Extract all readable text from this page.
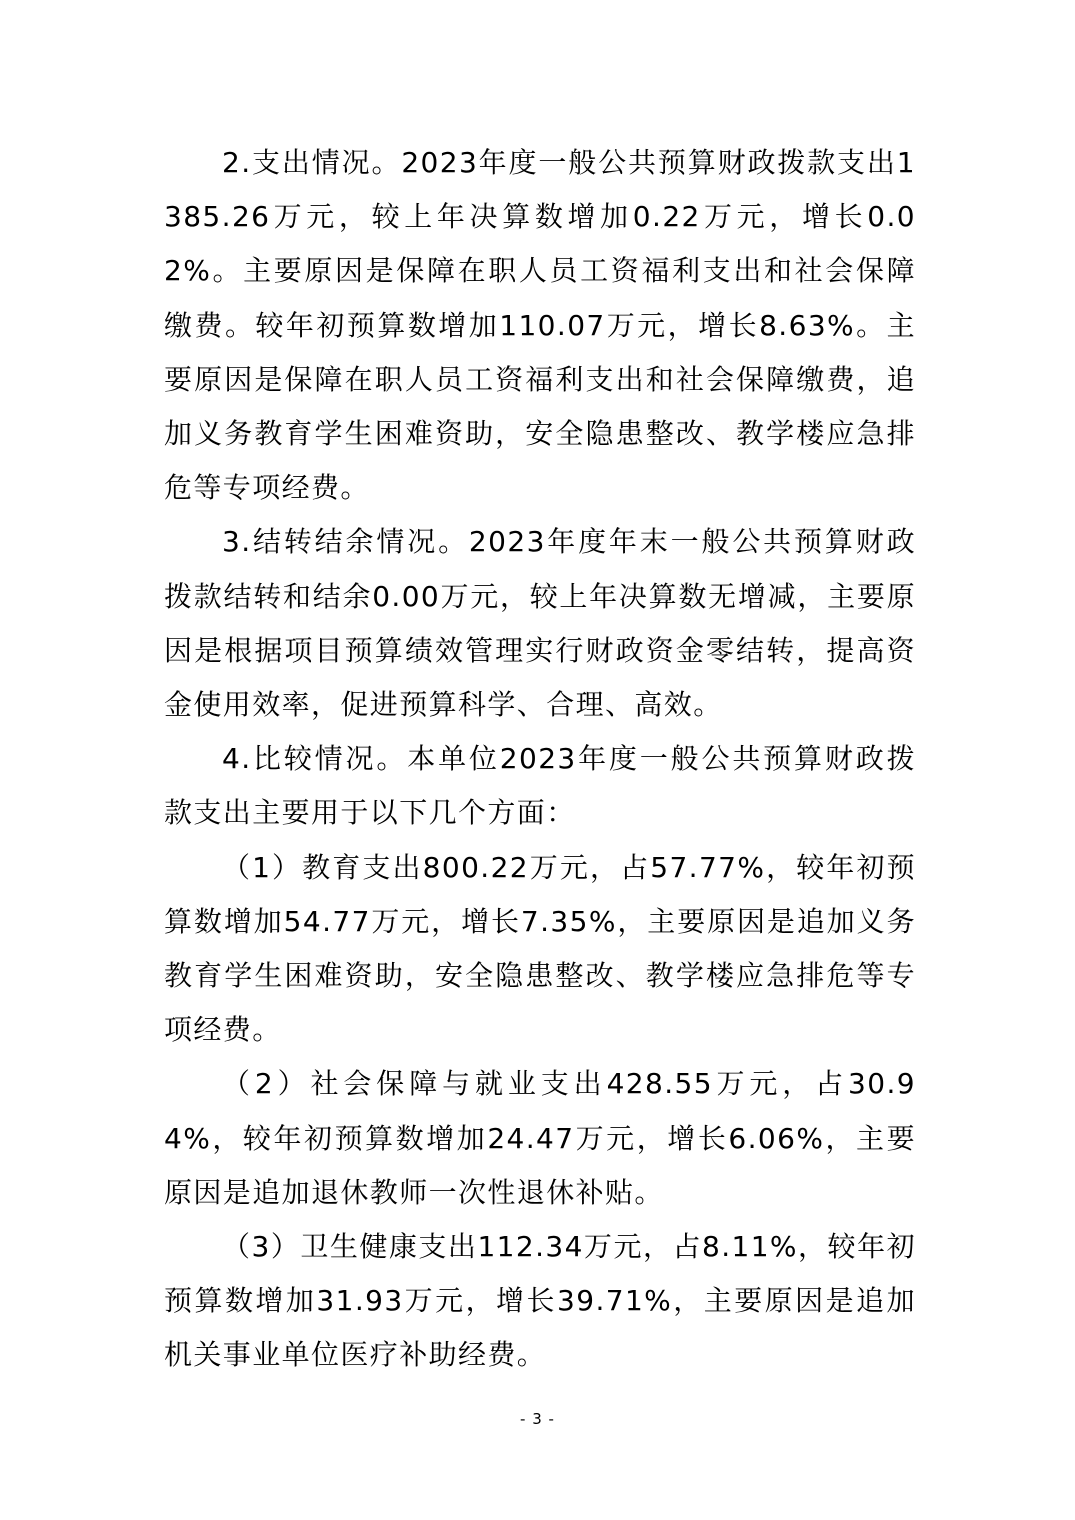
2.支出情况。2023年度一般公共预算财政拨款支出1385.26万元，较上年决算数增加0.22万元，增长0.02%。主要原因是保障在职人员工资福利支出和社会保障缴费。较年初预算数增加110.07万元，增长8.63%。主要原因是保障在职人员工资福利支出和社会保障缴费，追加义务教育学生困难资助，安全隐患整改、教学楼应急排危等专项经费。

3.结转结余情况。2023年度年末一般公共预算财政拨款结转和结余0.00万元，较上年决算数无增减，主要原因是根据项目预算绩效管理实行财政资金零结转，提高资金使用效率，促进预算科学、合理、高效。

4.比较情况。本单位2023年度一般公共预算财政拨款支出主要用于以下几个方面：

（1）教育支出800.22万元，占57.77%，较年初预算数增加54.77万元，增长7.35%，主要原因是追加义务教育学生困难资助，安全隐患整改、教学楼应急排危等专项经费。

（2）社会保障与就业支出428.55万元，占30.94%，较年初预算数增加24.47万元，增长6.06%，主要原因是追加退休教师一次性退休补贴。

（3）卫生健康支出112.34万元，占8.11%，较年初预算数增加31.93万元，增长39.71%，主要原因是追加机关事业单位医疗补助经费。

- 3 -
